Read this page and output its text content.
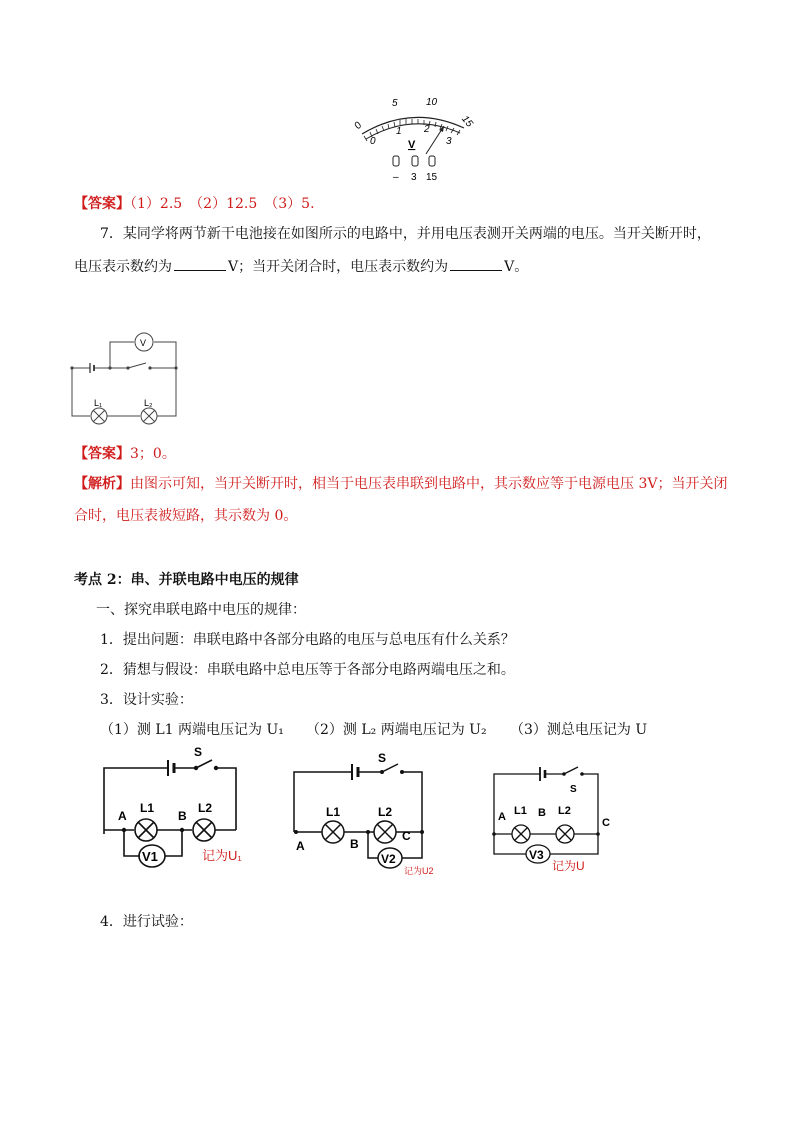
0
5	10
15
0
1 2
3
V
– 3 15
【答案】（1）2.5　（2）12.5　（3）5.
7．某同学将两节新干电池接在如图所示的电路中，并用电压表测开关两端的电压。当开关断开时，
电压表示数约为	V；当开关闭合时，电压表示数约为	V。
V
L₁	L₂
【答案】3；0。
【解析】由图示可知，当开关断开时，相当于电压表串联到电路中，其示数应等于电源电压 3V；当开关闭
合时，电压表被短路，其示数为 0。
考点 2：串、并联电路中电压的规律
一、探究串联电路中电压的规律：
1．提出问题：串联电路中各部分电路的电压与总电压有什么关系？
2．猜想与假设：串联电路中总电压等于各部分电路两端电压之和。
3．设计实验：
（1）测 L1 两端电压记为 U₁ （2）测 L₂ 两端电压记为 U₂ （3）测总电压记为 U
S
A	B
L1	L2
V1	记为U₁
S
A	B
C
L1	L2
V2
记为U2
S
A	B
C
L1	L2
V3
记为U
4．进行试验：
